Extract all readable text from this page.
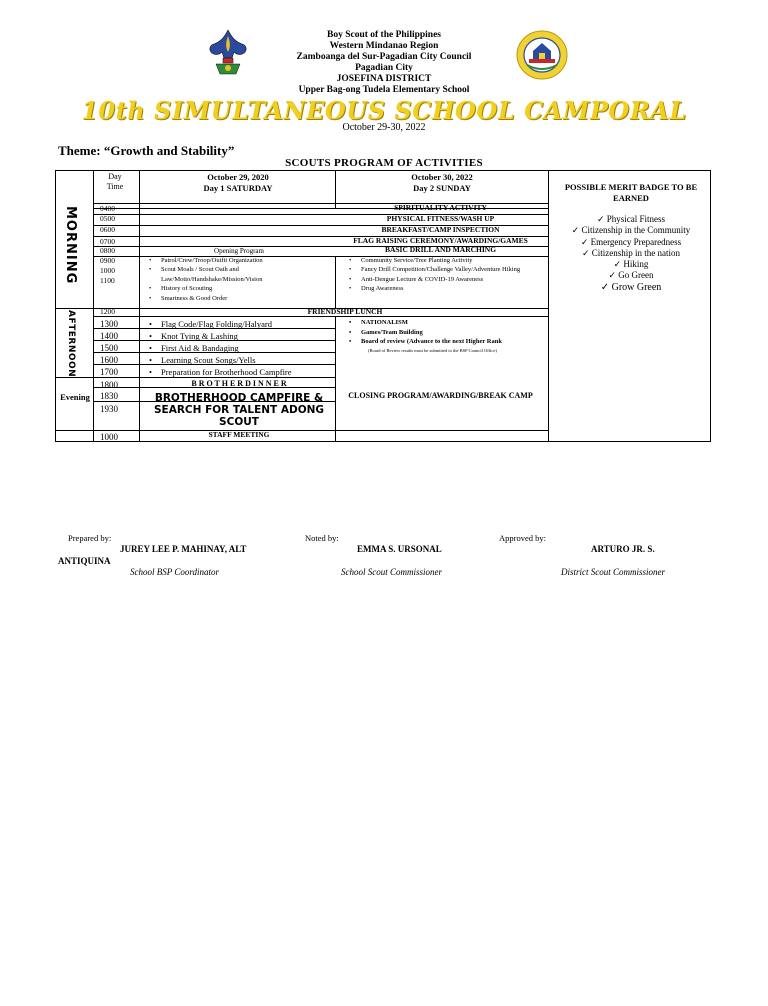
Boy Scout of the Philippines
Western Mindanao Region
Zamboanga del Sur-Pagadian City Council
Pagadian City
JOSEFINA DISTRICT
Upper Bag-ong Tudela Elementary School
10th SIMULTANEOUS SCHOOL CAMPORAL
October 29-30, 2022
Theme: “Growth and Stability”
SCOUTS PROGRAM OF ACTIVITIES
Day
Time
October 29, 2020
Day 1 SATURDAY
October 30, 2022
Day 2 SUNDAY	POSSIBLE MERIT BADGE TO BE EARNED
✓ Physical Fitness
✓ Citizenship in the Community
✓ Emergency Preparedness
✓ Citizenship in the nation
✓ Hiking
✓ Go Green
✓ Grow Green
MORNING
AFTERNOON
Evening
0400
0500
0600
0700
0800
0900
1000
1100
1200
1300
1400
1500
1600
1700
1800
1830
1930
1000
SPIRITUALITY ACTIVITY
PHYSICAL FITNESS/WASH UP
BREAKFAST/CAMP INSPECTION
FLAG RAISING CEREMONY/AWARDING/GAMES
BASIC DRILL AND MARCHING
Opening Program
• Patrol/Crew/Troop/Outfit Organization
• Scout Moals / Scout Oath and Law/Motto/Handshake/Mission/Vision
• History of Scouting
• Smartness & Good Order
• Community Service/Tree Planting Activity
• Fancy Drill Competition/Challenge Valley/Adventure Hiking
• Anti-Dengue Lecture & COVID-19 Awareness
• Drug Awareness
FRIENDSHIP LUNCH
• Flag Code/Flag Folding/Halyard
• Knot Tying & Lashing
• First Aid & Bandaging
• Learning Scout Songs/Yells
• Preparation for Brotherhood Campfire
• NATIONALISM
• Games/Team Building
• Board of review (Advance to the next Higher Rank
(Board of Review results must be submitted to the BSP Council Office)
B R O T H E R D I N N E R
BROTHERHOOD CAMPFIRE & SEARCH FOR TALENT ADONG SCOUT
CLOSING PROGRAM/AWARDING/BREAK CAMP
STAFF MEETING
Prepared by:
JUREY LEE P. MAHINAY, ALT
ANTIQUINA
School BSP Coordinator
Noted by:
EMMA S. URSONAL
School Scout Commissioner
Approved by:
ARTURO JR. S.
District Scout Commissioner
